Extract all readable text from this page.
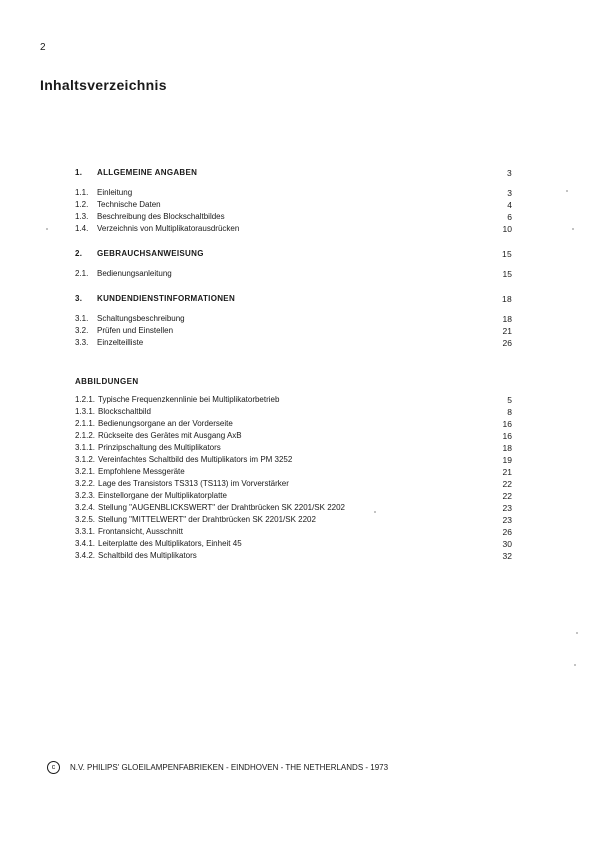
2
Inhaltsverzeichnis
1. ALLGEMEINE ANGABEN	3
1.1. Einleitung	3
1.2. Technische Daten	4
1.3. Beschreibung des Blockschaltbildes	6
1.4. Verzeichnis von Multiplikatorausdrücken	10
2. GEBRAUCHSANWEISUNG	15
2.1. Bedienungsanleitung	15
3. KUNDENDIENSTINFORMATIONEN	18
3.1. Schaltungsbeschreibung	18
3.2. Prüfen und Einstellen	21
3.3. Einzelteilliste	26
ABBILDUNGEN
1.2.1. Typische Frequenzkennlinie bei Multiplikatorbetrieb	5
1.3.1. Blockschaltbild	8
2.1.1. Bedienungsorgane an der Vorderseite	16
2.1.2. Rückseite des Gerätes mit Ausgang AxB	16
3.1.1. Prinzipschaltung des Multiplikators	18
3.1.2. Vereinfachtes Schaltbild des Multiplikators im PM 3252	19
3.2.1. Empfohlene Messgeräte	21
3.2.2. Lage des Transistors TS313 (TS113) im Vorverstärker	22
3.2.3. Einstellorgane der Multiplikatorplatte	22
3.2.4. Stellung "AUGENBLICKSWERT" der Drahtbrücken SK 2201/SK 2202	23
3.2.5. Stellung "MITTELWERT" der Drahtbrücken SK 2201/SK 2202	23
3.3.1. Frontansicht, Ausschnitt	26
3.4.1. Leiterplatte des Multiplikators, Einheit 45	30
3.4.2. Schaltbild des Multiplikators	32
c	N.V. PHILIPS' GLOEILAMPENFABRIEKEN - EINDHOVEN - THE NETHERLANDS - 1973
